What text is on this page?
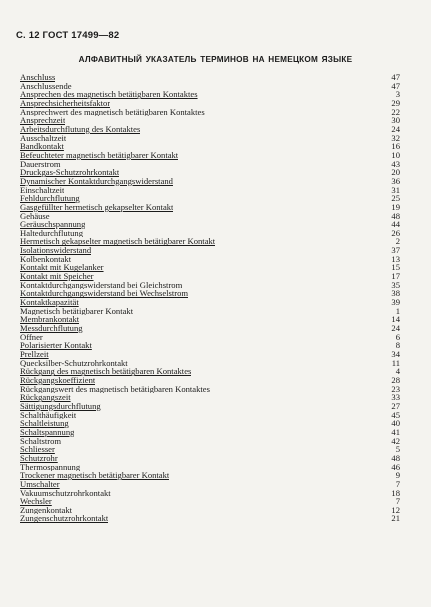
С. 12 ГОСТ 17499—82
АЛФАВИТНЫЙ УКАЗАТЕЛЬ ТЕРМИНОВ НА НЕМЕЦКОМ ЯЗЫКЕ
Anschluss	47
Anschlussende	47
Ansprechen des magnetisch betätigbaren Kontaktes	3
Ansprechsicherheitsfaktor	29
Ansprechwert des magnetisch betätigbaren Kontaktes	22
Ansprechzeit	30
Arbeitsdurchflutung des Kontaktes	24
Ausschaltzeit	32
Bandkontakt	16
Befeuchteter magnetisch betätigbarer Kontakt	10
Dauerstrom	43
Druckgas-Schutzrohrkontakt	20
Dynamischer Kontaktdurchgangswiderstand	36
Einschaltzeit	31
Fehldurchflutung	25
Gasgefüllter hermetisch gekapselter Kontakt	19
Gehäuse	48
Geräuschspannung	44
Haltedurchflutung	26
Hermetisch gekapselter magnetisch betätigbarer Kontakt	2
Isolationswiderstand	37
Kolbenkontakt	13
Kontakt mit Kugelanker	15
Kontakt mit Speicher	17
Kontaktdurchgangswiderstand bei Gleichstrom	35
Kontaktdurchgangswiderstand bei Wechselstrom	38
Kontaktkapazität	39
Magnetisch betätigbarer Kontakt	1
Membrankontakt	14
Messdurchflutung	24
Offner	6
Polarisierter Kontakt	8
Prellzeit	34
Quecksilber-Schutzrohrkontakt	11
Rückgang des magnetisch betätigbaren Kontaktes	4
Rückgangskoeffizient	28
Rückgangswert des magnetisch betätigbaren Kontaktes	23
Rückgangszeit	33
Sättigungsdurchflutung	27
Schalthäufigkeit	45
Schaltleistung	40
Schaltspannung	41
Schaltstrom	42
Schliesser	5
Schutzrohr	48
Thermospannung	46
Trockener magnetisch betätigbarer Kontakt	9
Umschalter	7
Vakuumschutzrohrkontakt	18
Wechsler	7
Zungenkontakt	12
Zungenschutzrohrkontakt	21
